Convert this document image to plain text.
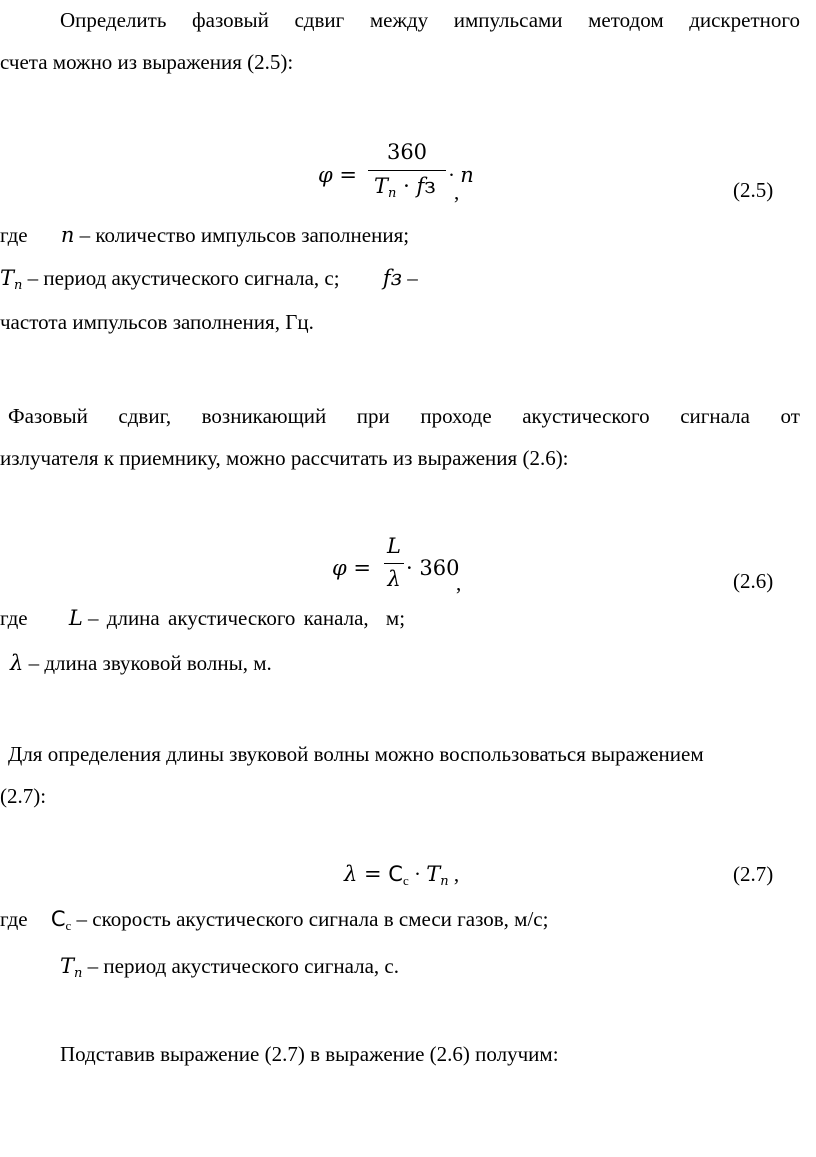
Определить фазовый сдвиг между импульсами методом дискретного
счета можно из выражения (2.5):
φ =
360
$T_n$ · fз · n
,	(2.5)
где n – количество импульсов заполнения;
$T_n$ – период акустического сигнала, с; fз –
частота импульсов заполнения, Гц.
Фазовый сдвиг, возникающий при проходе акустического сигнала от
излучателя к приемнику, можно рассчитать из выражения (2.6):
φ =
L
λ · 360
,	(2.6)
где L – длина акустического канала, м;
λ – длина звуковой волны, м.
Для определения длины звуковой волны можно воспользоваться выражением
(2.7):
$\lambda = C_c \cdot T_n$ ,	(2.7)
где $C_c$ – скорость акустического сигнала в смеси газов, м/с;
$T_n$ – период акустического сигнала, с.
Подставив выражение (2.7) в выражение (2.6) получим:
